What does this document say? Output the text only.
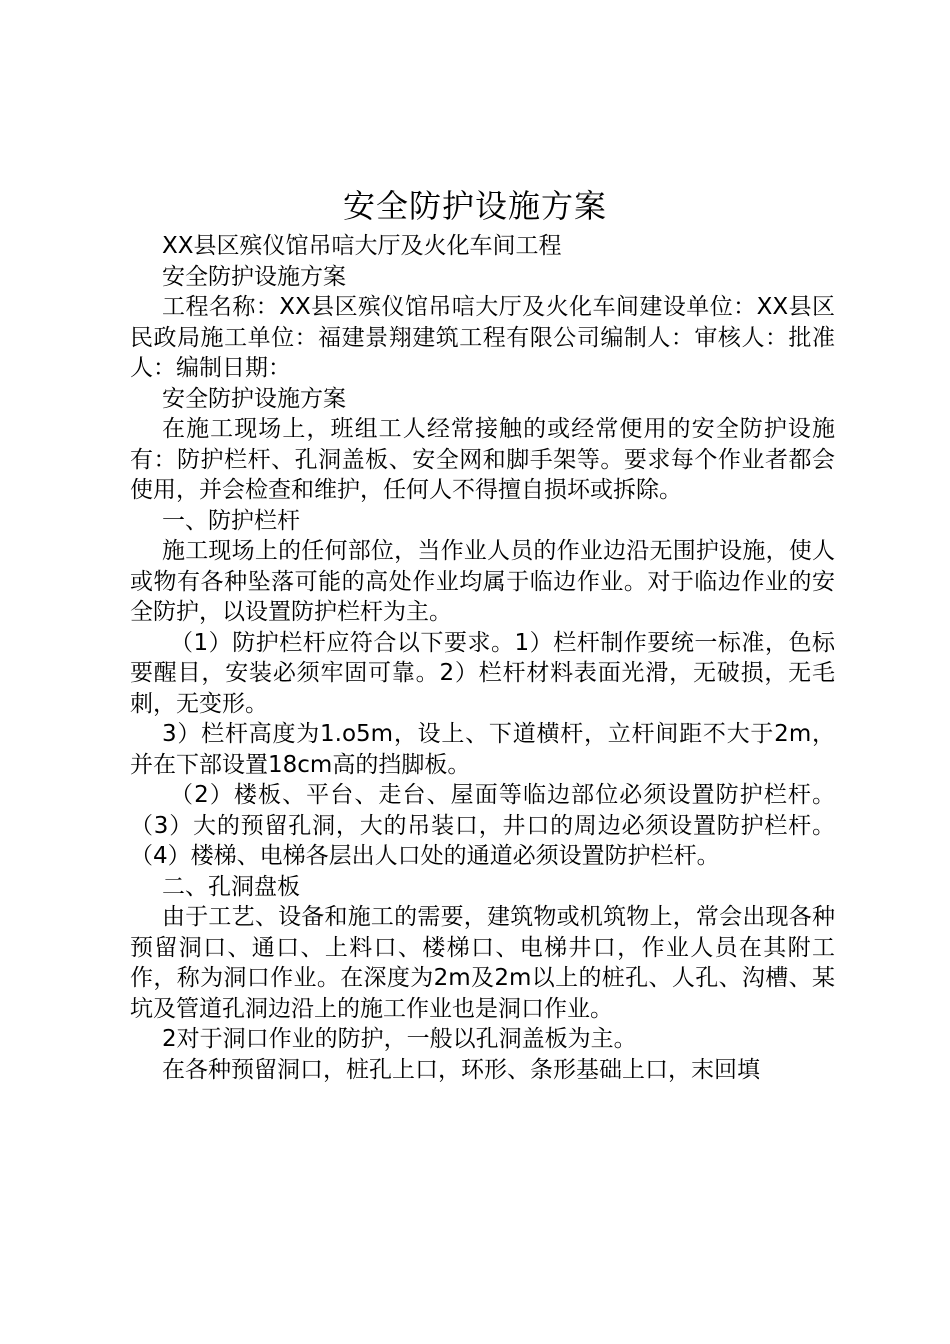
安全防护设施方案

XX县区殡仪馆吊唁大厅及火化车间工程

安全防护设施方案

工程名称：XX县区殡仪馆吊唁大厅及火化车间建设单位：XX县区民政局施工单位：福建景翔建筑工程有限公司编制人：审核人：批准人：编制日期：

安全防护设施方案

在施工现场上，班组工人经常接触的或经常便用的安全防护设施有：防护栏杆、孔洞盖板、安全网和脚手架等。要求每个作业者都会使用，并会检查和维护，任何人不得擅自损坏或拆除。

一、防护栏杆

施工现场上的任何部位，当作业人员的作业边沿无围护设施，使人或物有各种坠落可能的高处作业均属于临边作业。对于临边作业的安全防护，以设置防护栏杆为主。

（1）防护栏杆应符合以下要求。1）栏杆制作要统一标准，色标要醒目，安装必须牢固可靠。2）栏杆材料表面光滑，无破损，无毛刺，无变形。

3）栏杆高度为1.o5m，设上、下道横杆，立杆间距不大于2m，并在下部设置18cm高的挡脚板。

（2）楼板、平台、走台、屋面等临边部位必须设置防护栏杆。（3）大的预留孔洞，大的吊装口，井口的周边必须设置防护栏杆。（4）楼梯、电梯各层出人口处的通道必须设置防护栏杆。

二、孔洞盘板

由于工艺、设备和施工的需要，建筑物或机筑物上，常会出现各种预留洞口、通口、上料口、楼梯口、电梯井口，作业人员在其附工作，称为洞口作业。在深度为2m及2m以上的桩孔、人孔、沟槽、某坑及管道孔洞边沿上的施工作业也是洞口作业。

2对于洞口作业的防护，一般以孔洞盖板为主。

在各种预留洞口，桩孔上口，环形、条形基础上口，末回填
